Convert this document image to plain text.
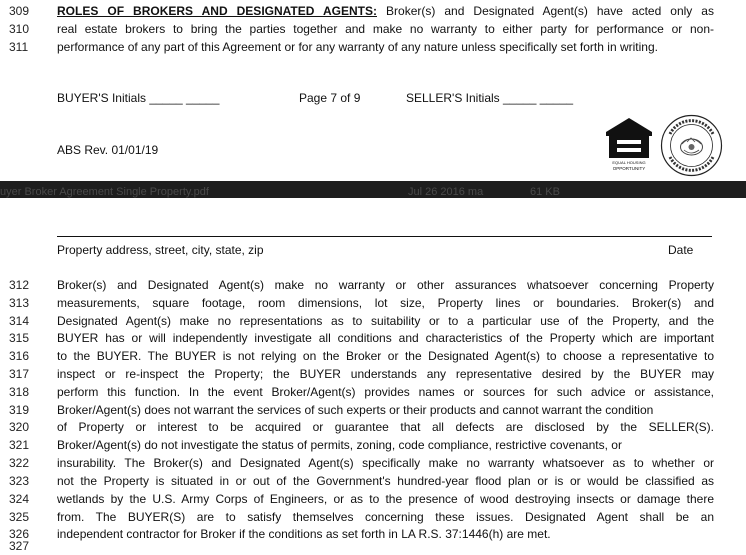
309	ROLES OF BROKERS AND DESIGNATED AGENTS: Broker(s) and Designated Agent(s) have acted only as
310	real estate brokers to bring the parties together and make no warranty to either party for performance or non-
311	performance of any part of this Agreement or for any warranty of any nature unless specifically set forth in writing.
BUYER'S Initials _____ _____	Page 7 of 9	SELLER'S Initials _____ _____
ABS Rev. 01/01/19
EQUAL HOUSING
OPPORTUNITY
uyer Broker Agreement Single Property.pdf	Jul 26 2016 ma	61 KB
Property address, street, city, state, zip	Date
312	Broker(s) and Designated Agent(s) make no warranty or other assurances whatsoever concerning Property
313	measurements, square footage, room dimensions, lot size, Property lines or boundaries. Broker(s) and
314	Designated Agent(s) make no representations as to suitability or to a particular use of the Property, and the
315	BUYER has or will independently investigate all conditions and characteristics of the Property which are important
316	to the BUYER. The BUYER is not relying on the Broker or the Designated Agent(s) to choose a representative to
317	inspect or re-inspect the Property; the BUYER understands any representative desired by the BUYER may
318	perform this function. In the event Broker/Agent(s) provides names or sources for such advice or assistance,
319	Broker/Agent(s) does not warrant the services of such experts or their products and cannot warrant the condition
320	of Property or interest to be acquired or guarantee that all defects are disclosed by the SELLER(S).
321	Broker/Agent(s) do not investigate the status of permits, zoning, code compliance, restrictive covenants, or
322	insurability. The Broker(s) and Designated Agent(s) specifically make no warranty whatsoever as to whether or
323	not the Property is situated in or out of the Government's hundred-year flood plan or is or would be classified as
324	wetlands by the U.S. Army Corps of Engineers, or as to the presence of wood destroying insects or damage there
325	from. The BUYER(S) are to satisfy themselves concerning these issues. Designated Agent shall be an
326	independent contractor for Broker if the conditions as set forth in LA R.S. 37:1446(h) are met.
327
